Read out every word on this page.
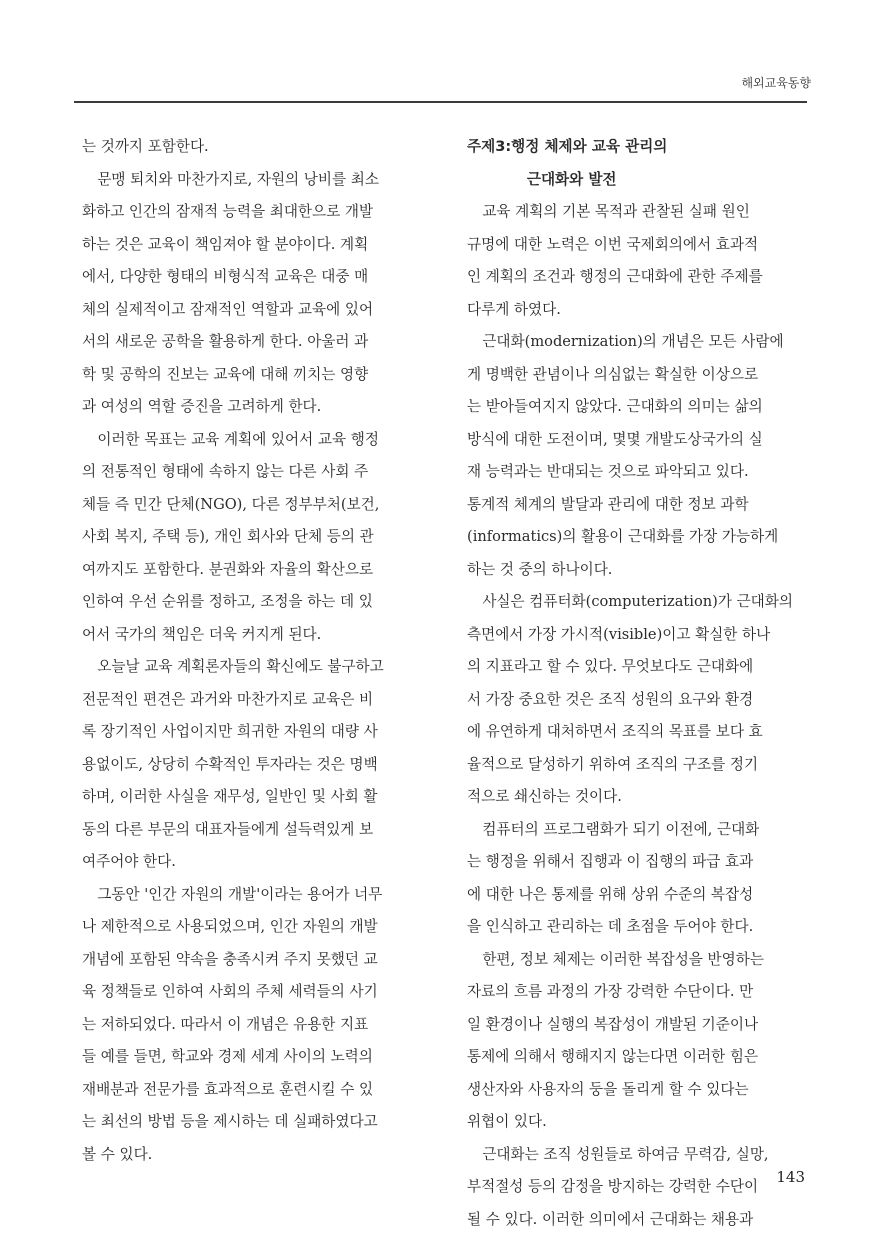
해외교육동향
는 것까지 포함한다.
문맹 퇴치와 마찬가지로, 자원의 낭비를 최소
화하고 인간의 잠재적 능력을 최대한으로 개발
하는 것은 교육이 책임져야 할 분야이다. 계획
에서, 다양한 형태의 비형식적 교육은 대중 매
체의 실제적이고 잠재적인 역할과 교육에 있어
서의 새로운 공학을 활용하게 한다. 아울러 과
학 및 공학의 진보는 교육에 대해 끼치는 영향
과 여성의 역할 증진을 고려하게 한다.
이러한 목표는 교육 계획에 있어서 교육 행정
의 전통적인 형태에 속하지 않는 다른 사회 주
체들 즉 민간 단체(NGO), 다른 정부부처(보건,
사회 복지, 주택 등), 개인 회사와 단체 등의 관
여까지도 포함한다. 분권화와 자율의 확산으로
인하여 우선 순위를 정하고, 조정을 하는 데 있
어서 국가의 책임은 더욱 커지게 된다.
오늘날 교육 계획론자들의 확신에도 불구하고
전문적인 편견은 과거와 마찬가지로 교육은 비
록 장기적인 사업이지만 희귀한 자원의 대량 사
용없이도, 상당히 수확적인 투자라는 것은 명백
하며, 이러한 사실을 재무성, 일반인 및 사회 활
동의 다른 부문의 대표자들에게 설득력있게 보
여주어야 한다.
그동안 '인간 자원의 개발'이라는 용어가 너무
나 제한적으로 사용되었으며, 인간 자원의 개발
개념에 포함된 약속을 충족시켜 주지 못했던 교
육 정책들로 인하여 사회의 주체 세력들의 사기
는 저하되었다. 따라서 이 개념은 유용한 지표
들 예를 들면, 학교와 경제 세계 사이의 노력의
재배분과 전문가를 효과적으로 훈련시킬 수 있
는 최선의 방법 등을 제시하는 데 실패하였다고
볼 수 있다.
주제3:행정 체제와 교육 관리의
근대화와 발전
교육 계획의 기본 목적과 관찰된 실패 원인
규명에 대한 노력은 이번 국제회의에서 효과적
인 계획의 조건과 행정의 근대화에 관한 주제를
다루게 하였다.
근대화(modernization)의 개념은 모든 사람에
게 명백한 관념이나 의심없는 확실한 이상으로
는 받아들여지지 않았다. 근대화의 의미는 삶의
방식에 대한 도전이며, 몇몇 개발도상국가의 실
재 능력과는 반대되는 것으로 파악되고 있다.
통계적 체계의 발달과 관리에 대한 정보 과학
(informatics)의 활용이 근대화를 가장 가능하게
하는 것 중의 하나이다.
사실은 컴퓨터화(computerization)가 근대화의
측면에서 가장 가시적(visible)이고 확실한 하나
의 지표라고 할 수 있다. 무엇보다도 근대화에
서 가장 중요한 것은 조직 성원의 요구와 환경
에 유연하게 대처하면서 조직의 목표를 보다 효
율적으로 달성하기 위하여 조직의 구조를 정기
적으로 쇄신하는 것이다.
컴퓨터의 프로그램화가 되기 이전에, 근대화
는 행정을 위해서 집행과 이 집행의 파급 효과
에 대한 나은 통제를 위해 상위 수준의 복잡성
을 인식하고 관리하는 데 초점을 두어야 한다.
한편, 정보 체제는 이러한 복잡성을 반영하는
자료의 흐름 과정의 가장 강력한 수단이다. 만
일 환경이나 실행의 복잡성이 개발된 기준이나
통제에 의해서 행해지지 않는다면 이러한 힘은
생산자와 사용자의 둥을 돌리게 할 수 있다는
위협이 있다.
근대화는 조직 성원들로 하여금 무력감, 실망,
부적절성 등의 감정을 방지하는 강력한 수단이
될 수 있다. 이러한 의미에서 근대화는 채용과
143
